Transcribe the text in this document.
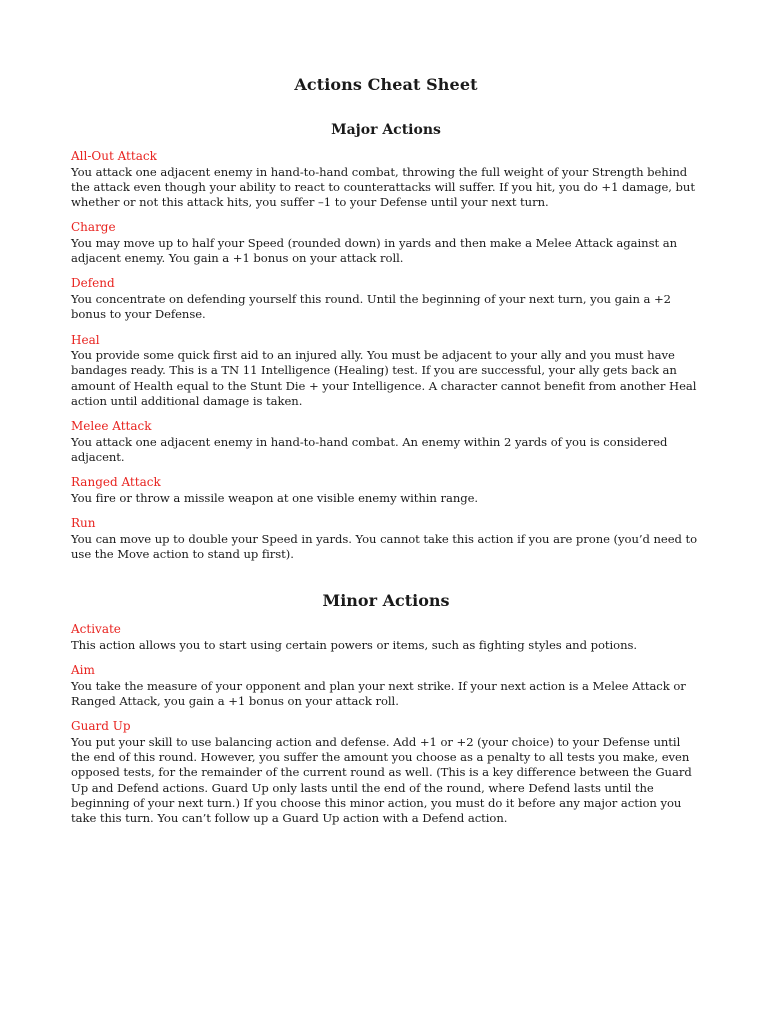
Actions Cheat Sheet
Major Actions

All-Out Attack

You attack one adjacent enemy in hand-to-hand combat, throwing the full weight of your Strength behind the attack even though your ability to react to counterattacks will suffer. If you hit, you do +1 damage, but whether or not this attack hits, you suffer –1 to your Defense until your next turn.

Charge

You may move up to half your Speed (rounded down) in yards and then make a Melee Attack against an adjacent enemy. You gain a +1 bonus on your attack roll.

Defend

You concentrate on defending yourself this round. Until the beginning of your next turn, you gain a +2 bonus to your Defense.

Heal

You provide some quick first aid to an injured ally. You must be adjacent to your ally and you must have bandages ready. This is a TN 11 Intelligence (Healing) test. If you are successful, your ally gets back an amount of Health equal to the Stunt Die + your Intelligence. A character cannot benefit from another Heal action until additional damage is taken.

Melee Attack

You attack one adjacent enemy in hand-to-hand combat. An enemy within 2 yards of you is considered adjacent.

Ranged Attack

You fire or throw a missile weapon at one visible enemy within range.

Run

You can move up to double your Speed in yards. You cannot take this action if you are prone (you’d need to use the Move action to stand up first).

Minor Actions

Activate

This action allows you to start using certain powers or items, such as fighting styles and potions.

Aim

You take the measure of your opponent and plan your next strike. If your next action is a Melee Attack or Ranged Attack, you gain a +1 bonus on your attack roll.

Guard Up

You put your skill to use balancing action and defense. Add +1 or +2 (your choice) to your Defense until the end of this round. However, you suffer the amount you choose as a penalty to all tests you make, even opposed tests, for the remainder of the current round as well. (This is a key difference between the Guard Up and Defend actions. Guard Up only lasts until the end of the round, where Defend lasts until the beginning of your next turn.) If you choose this minor action, you must do it before any major action you take this turn. You can’t follow up a Guard Up action with a Defend action.
